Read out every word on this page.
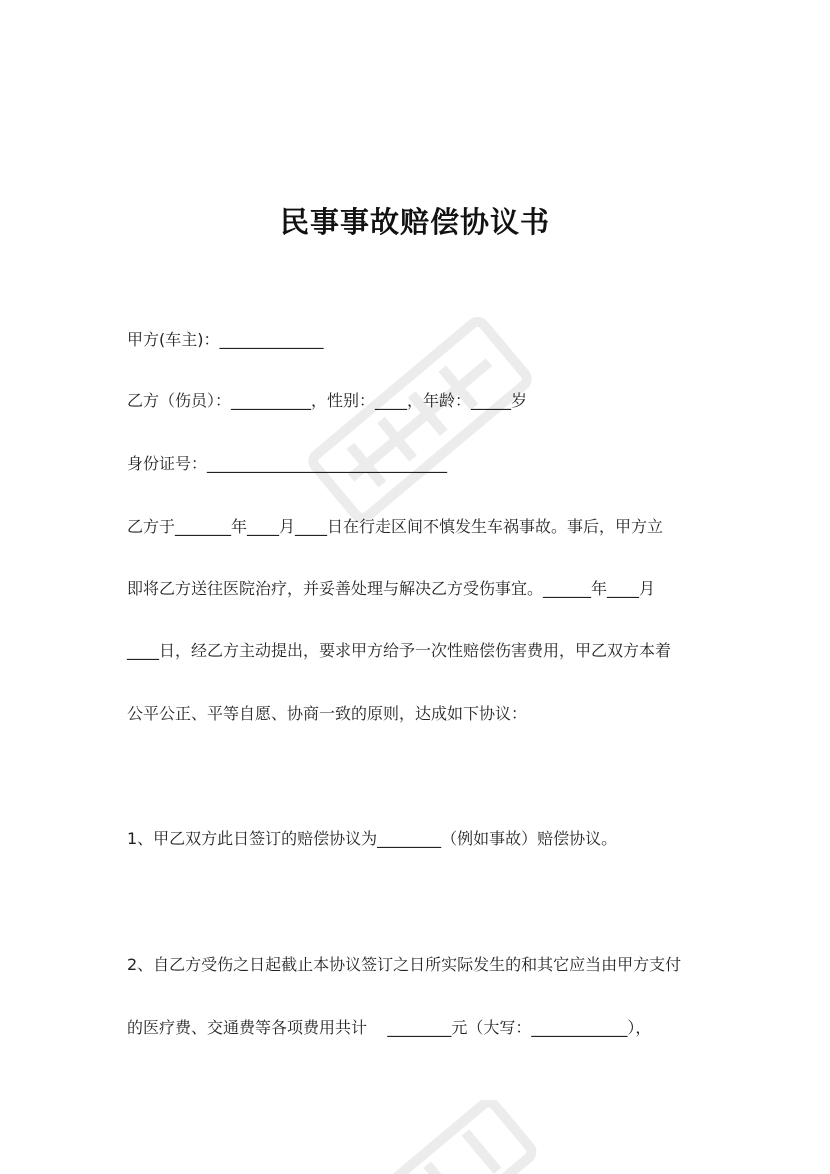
民事事故赔偿协议书
甲方(车主)：_____________
乙方（伤员）：__________，性别：____，年龄：_____岁
身份证号：______________________________
乙方于_______年____月____日在行走区间不慎发生车祸事故。事后，甲方立
即将乙方送往医院治疗，并妥善处理与解决乙方受伤事宜。______年____月
____日，经乙方主动提出，要求甲方给予一次性赔偿伤害费用，甲乙双方本着
公平公正、平等自愿、协商一致的原则，达成如下协议：
1、甲乙双方此日签订的赔偿协议为________（例如事故）赔偿协议。
2、自乙方受伤之日起截止本协议签订之日所实际发生的和其它应当由甲方支付
的医疗费、交通费等各项费用共计    ________元（大写：____________），
